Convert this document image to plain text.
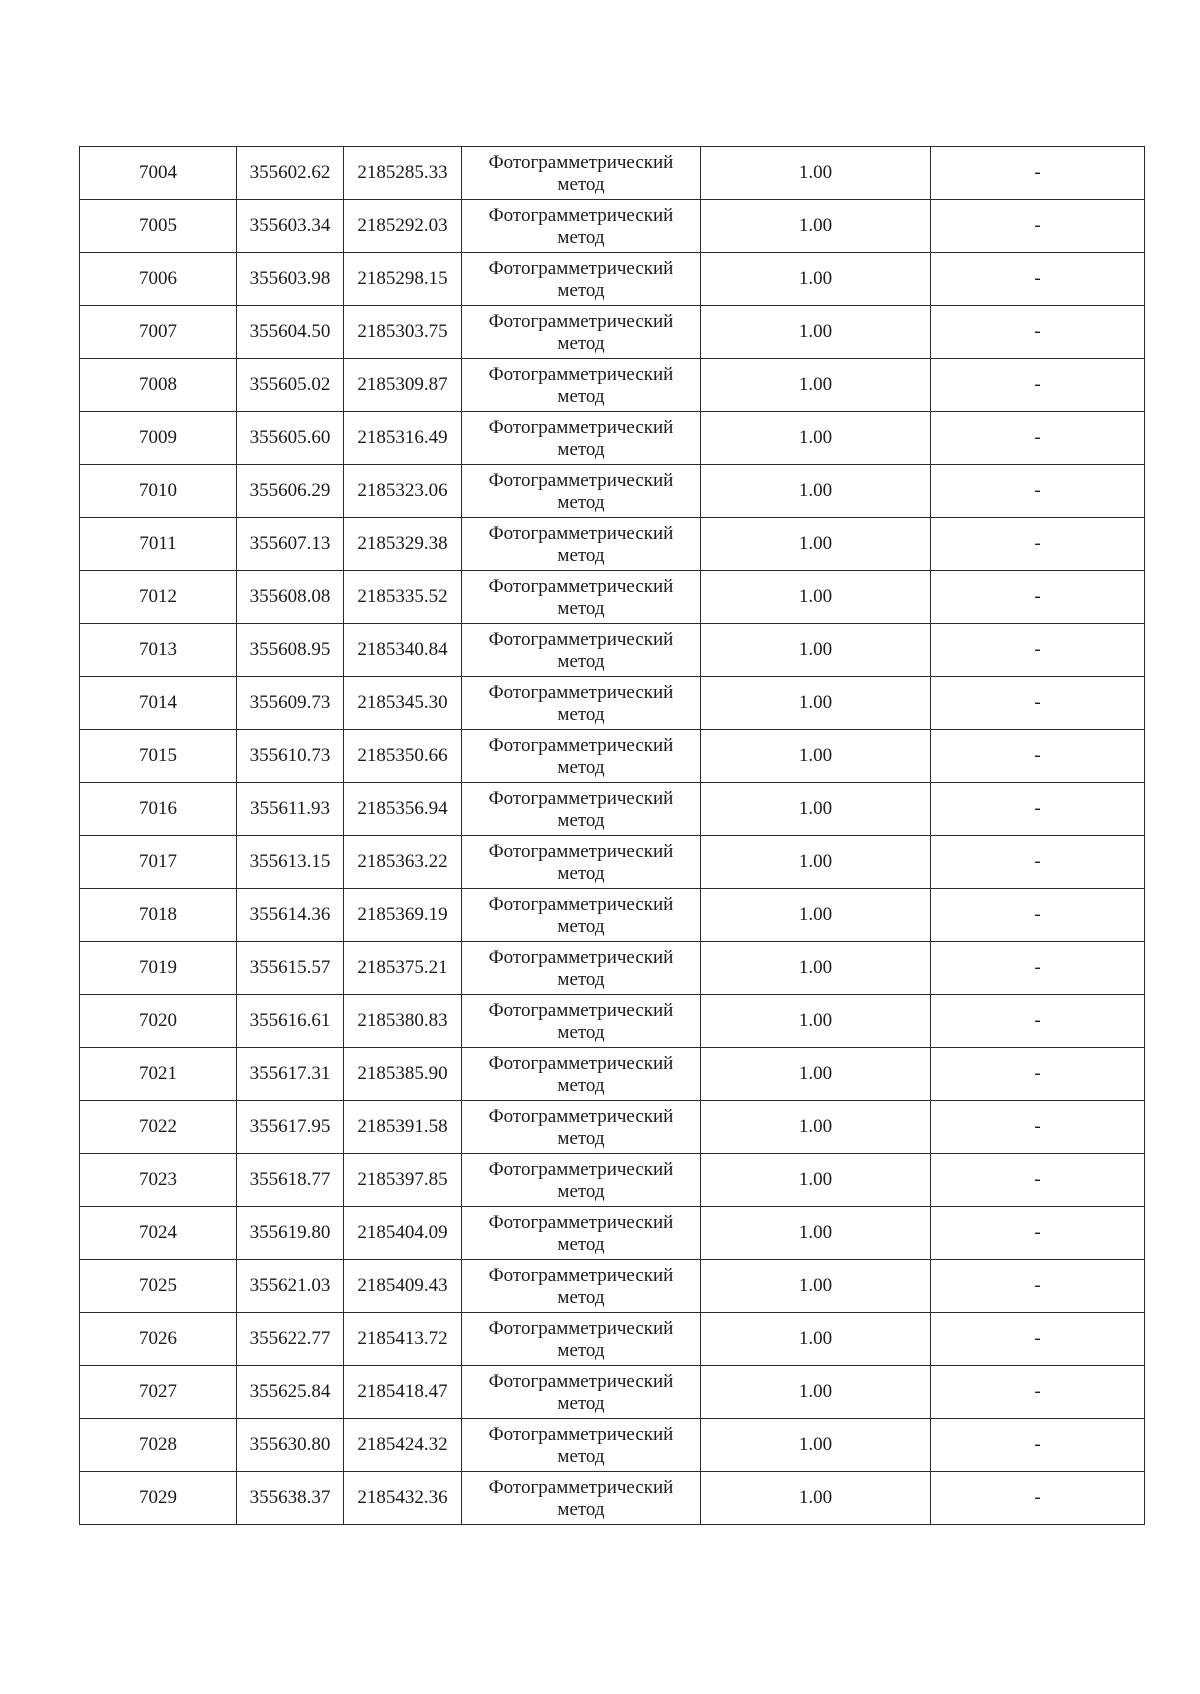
7004	355602.62	2185285.33	Фотограмметрический
метод	1.00	-
7005	355603.34	2185292.03	Фотограмметрический
метод	1.00	-
7006	355603.98	2185298.15	Фотограмметрический
метод	1.00	-
7007	355604.50	2185303.75	Фотограмметрический
метод	1.00	-
7008	355605.02	2185309.87	Фотограмметрический
метод	1.00	-
7009	355605.60	2185316.49	Фотограмметрический
метод	1.00	-
7010	355606.29	2185323.06	Фотограмметрический
метод	1.00	-
7011	355607.13	2185329.38	Фотограмметрический
метод	1.00	-
7012	355608.08	2185335.52	Фотограмметрический
метод	1.00	-
7013	355608.95	2185340.84	Фотограмметрический
метод	1.00	-
7014	355609.73	2185345.30	Фотограмметрический
метод	1.00	-
7015	355610.73	2185350.66	Фотограмметрический
метод	1.00	-
7016	355611.93	2185356.94	Фотограмметрический
метод	1.00	-
7017	355613.15	2185363.22	Фотограмметрический
метод	1.00	-
7018	355614.36	2185369.19	Фотограмметрический
метод	1.00	-
7019	355615.57	2185375.21	Фотограмметрический
метод	1.00	-
7020	355616.61	2185380.83	Фотограмметрический
метод	1.00	-
7021	355617.31	2185385.90	Фотограмметрический
метод	1.00	-
7022	355617.95	2185391.58	Фотограмметрический
метод	1.00	-
7023	355618.77	2185397.85	Фотограмметрический
метод	1.00	-
7024	355619.80	2185404.09	Фотограмметрический
метод	1.00	-
7025	355621.03	2185409.43	Фотограмметрический
метод	1.00	-
7026	355622.77	2185413.72	Фотограмметрический
метод	1.00	-
7027	355625.84	2185418.47	Фотограмметрический
метод	1.00	-
7028	355630.80	2185424.32	Фотограмметрический
метод	1.00	-
7029	355638.37	2185432.36	Фотограмметрический
метод	1.00	-
